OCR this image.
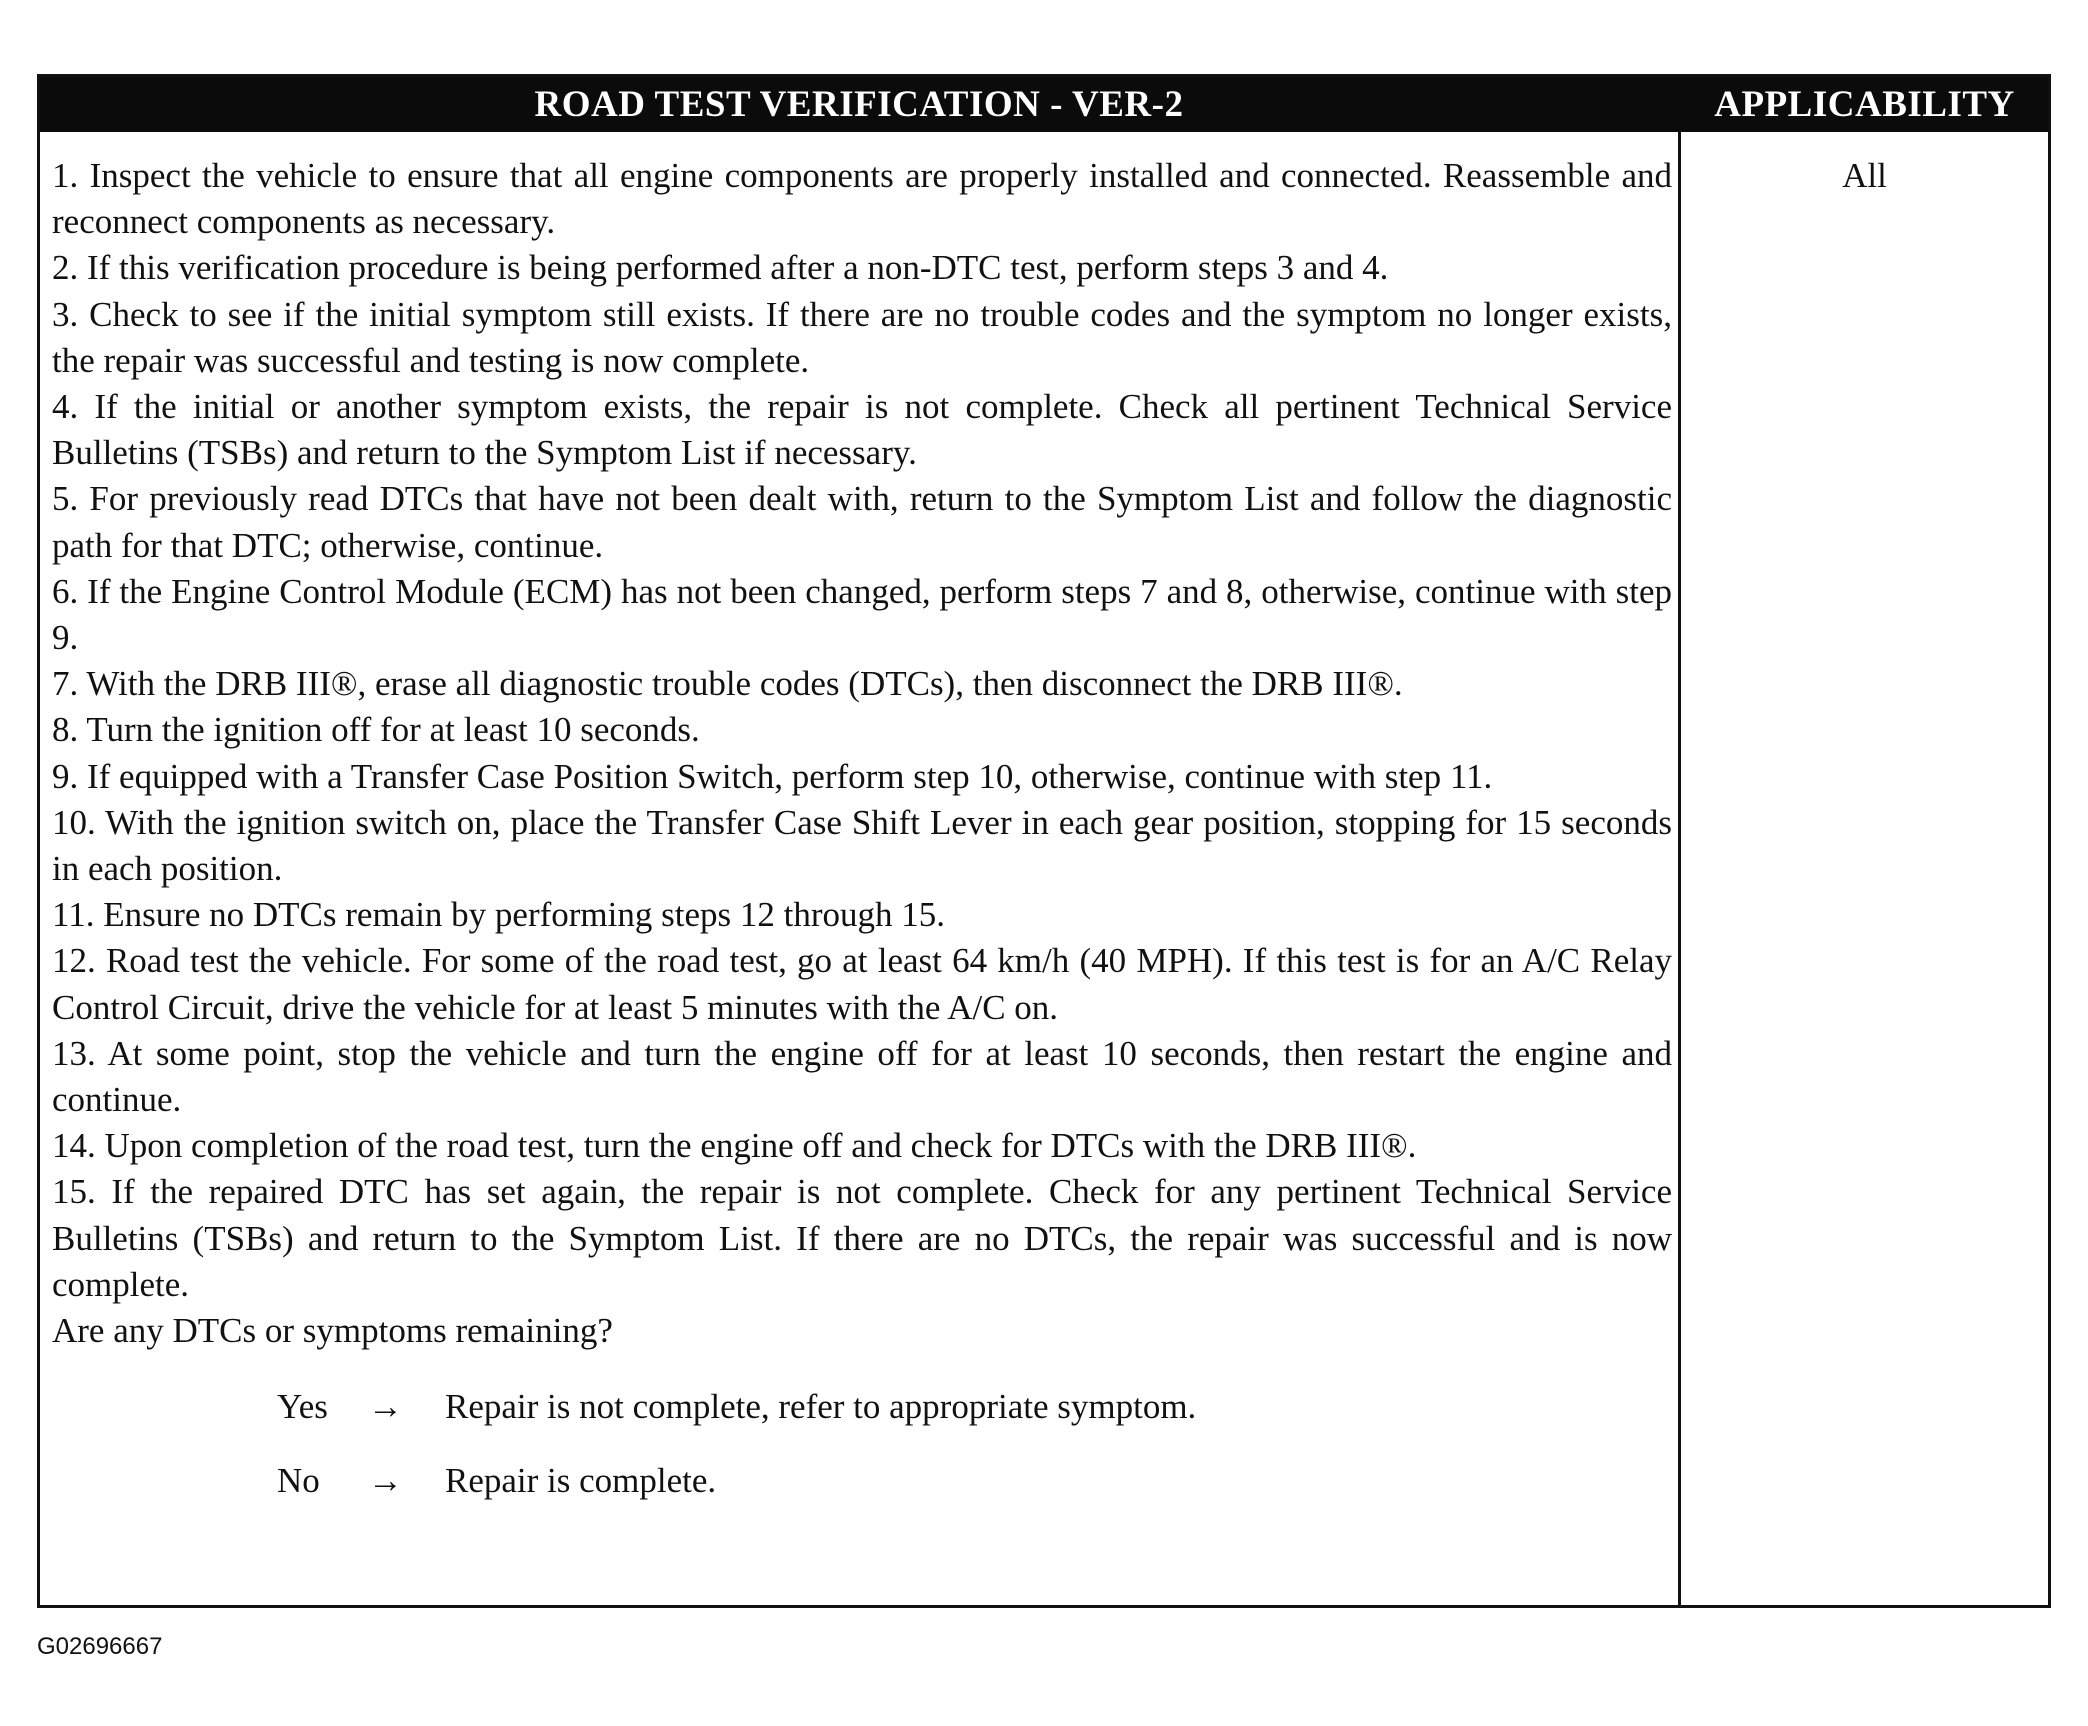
ROAD TEST VERIFICATION - VER-2	APPLICABILITY

1. Inspect the vehicle to ensure that all engine components are properly installed and connected. Reassemble and reconnect components as necessary.

2. If this verification procedure is being performed after a non-DTC test, perform steps 3 and 4.

3. Check to see if the initial symptom still exists. If there are no trouble codes and the symptom no longer exists, the repair was successful and testing is now complete.

4. If the initial or another symptom exists, the repair is not complete. Check all pertinent Technical Service Bulletins (TSBs) and return to the Symptom List if necessary.

5. For previously read DTCs that have not been dealt with, return to the Symptom List and follow the diagnostic path for that DTC; otherwise, continue.

6. If the Engine Control Module (ECM) has not been changed, perform steps 7 and 8, otherwise, continue with step 9.

7. With the DRB III®, erase all diagnostic trouble codes (DTCs), then disconnect the DRB III®.

8. Turn the ignition off for at least 10 seconds.

9. If equipped with a Transfer Case Position Switch, perform step 10, otherwise, continue with step 11.

10. With the ignition switch on, place the Transfer Case Shift Lever in each gear position, stopping for 15 seconds in each position.

11. Ensure no DTCs remain by performing steps 12 through 15.

12. Road test the vehicle. For some of the road test, go at least 64 km/h (40 MPH). If this test is for an A/C Relay Control Circuit, drive the vehicle for at least 5 minutes with the A/C on.

13. At some point, stop the vehicle and turn the engine off for at least 10 seconds, then restart the engine and continue.

14. Upon completion of the road test, turn the engine off and check for DTCs with the DRB III®.

15. If the repaired DTC has set again, the repair is not complete. Check for any pertinent Technical Service Bulletins (TSBs) and return to the Symptom List. If there are no DTCs, the repair was successful and is now complete.

Are any DTCs or symptoms remaining?

Yes → Repair is not complete, refer to appropriate symptom.
No → Repair is complete.
All
G02696667
